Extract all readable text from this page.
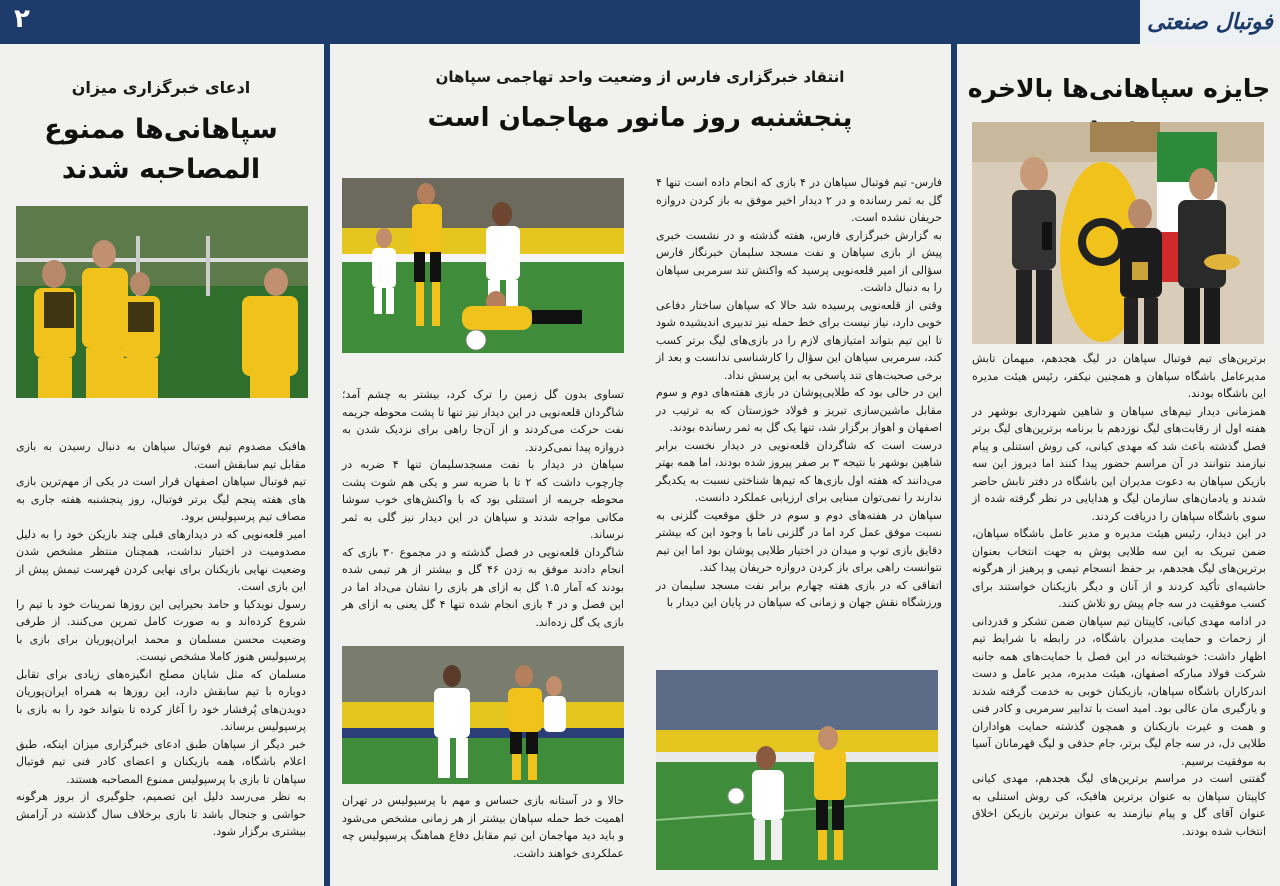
۲	فوتبال صنعتی
جایزه سپاهانی‌ها بالاخره

برترین‌های تیم فوتبال سپاهان در لیگ هجدهم، میهمان تابش مدیرعامل باشگاه سپاهان و همچنین نیکفر، رئیس هیئت مدیره این باشگاه بودند.

همزمانی دیدار تیم‌های سپاهان و شاهین شهرداری بوشهر در هفته اول از رقابت‌های لیگ نوزدهم با برنامه برترین‌های لیگ برتر فصل گذشته باعث شد که مهدی کیانی، کی روش استنلی و پیام نیازمند نتوانند در آن مراسم حضور پیدا کنند اما دیروز این سه بازیکن سپاهان به دعوت مدیران این باشگاه در دفتر تابش حاضر شدند و یادمان‌های سازمان لیگ و هدایایی در نظر گرفته شده از سوی باشگاه سپاهان را دریافت کردند.

در این دیدار، رئیس هیئت مدیره و مدیر عامل باشگاه سپاهان، ضمن تبریک به این سه طلایی پوش به جهت انتخاب بعنوان برترین‌های لیگ هجدهم، بر حفظ انسجام تیمی و پرهیز از هرگونه حاشیه‌ای تأکید کردند و از آنان و دیگر بازیکنان خواستند برای کسب موفقیت در سه جام پیش رو تلاش کنند.

در ادامه مهدی کیانی، کاپیتان تیم سپاهان ضمن تشکر و قدردانی از زحمات و حمایت مدیران باشگاه، در رابطه با شرایط تیم اظهار داشت: خوشبختانه در این فصل با حمایت‌های همه جانبه شرکت فولاد مبارکه اصفهان، هیئت مدیره، مدیر عامل و دست اندرکاران باشگاه سپاهان، بازیکنان خوبی به خدمت گرفته شدند و یارگیری مان عالی بود. امید است با تدابیر سرمربی و کادر فنی و همت و غیرت بازیکنان و همچون گذشته حمایت هواداران طلایی دل، در سه جام لیگ برتر، جام حذفی و لیگ قهرمانان آسیا به موفقیت برسیم.

گفتنی است در مراسم برترین‌های لیگ هجدهم، مهدی کیانی کاپیتان سپاهان به عنوان برترین هافبک، کی روش استنلی به عنوان آقای گل و پیام نیازمند به عنوان برترین بازیکن اخلاق انتخاب شده بودند.

انتقاد خبرگزاری فارس از وضعیت واحد تهاجمی سپاهان
پنجشنبه روز مانور مهاجمان است

فارس- تیم فوتبال سپاهان در ۴ بازی که انجام داده است تنها ۴ گل به ثمر رسانده و در ۲ دیدار اخیر موفق به باز کردن دروازه حریفان نشده است.

به گزارش خبرگزاری فارس، هفته گذشته و در نشست خبری پیش از بازی سپاهان و نفت مسجد سلیمان خبرنگار فارس سؤالی از امیر قلعه‌نویی پرسید که واکنش تند سرمربی سپاهان را به دنبال داشت.

وقتی از قلعه‌نویی پرسیده شد حالا که سپاهان ساختار دفاعی خوبی دارد، نیاز نیست برای خط حمله نیز تدبیری اندیشیده شود تا این تیم بتواند امتیازهای لازم را در بازی‌های لیگ برتر کسب کند، سرمربی سپاهان این سؤال را کارشناسی ندانست و بعد از برخی صحبت‌های تند پاسخی به این پرسش نداد.

این در حالی بود که طلایی‌پوشان در بازی هفته‌های دوم و سوم مقابل ماشین‌سازی تبریز و فولاد خوزستان که به ترتیب در اصفهان و اهواز برگزار شد، تنها یک گل به ثمر رسانده بودند.

درست است که شاگردان قلعه‌نویی در دیدار نخست برابر شاهین بوشهر با نتیجه ۳ بر صفر پیروز شده بودند، اما همه بهتر می‌دانند که هفته اول بازی‌ها که تیم‌ها شناختی نسبت به یکدیگر ندارند را نمی‌توان مبنایی برای ارزیابی عملکرد دانست.

سپاهان در هفته‌های دوم و سوم در خلق موقعیت گلزنی به نسبت موفق عمل کرد اما در گلزنی ناما با وجود این که بیشتر دقایق بازی توپ و میدان در اختیار طلایی پوشان بود اما این تیم نتوانست راهی برای باز کردن دروازه حریفان پیدا کند.

اتفاقی که در بازی هفته چهارم برابر نفت مسجد سلیمان در ورزشگاه نقش جهان و زمانی که سپاهان در پایان این دیدار با

تساوی بدون گل زمین را ترک کرد، بیشتر به چشم آمد؛ شاگردان قلعه‌نویی در این دیدار نیز تنها تا پشت محوطه جریمه نفت حرکت می‌کردند و از آن‌جا راهی برای نزدیک شدن به دروازه پیدا نمی‌کردند.

سپاهان در دیدار با نفت مسجدسلیمان تنها ۴ ضربه در چارچوب داشت که ۲ تا با ضربه سر و یکی هم شوت پشت محوطه جریمه از استنلی بود که با واکنش‌های خوب سوشا مکانی مواجه شدند و سپاهان در این دیدار نیز گلی به ثمر نرساند.

شاگردان قلعه‌نویی در فصل گذشته و در مجموع ۳۰ بازی که انجام دادند موفق به زدن ۴۶ گل و بیشتر از هر تیمی شده بودند که آمار ۱.۵ گل به ازای هر بازی را نشان می‌داد اما در این فصل و در ۴ بازی انجام شده تنها ۴ گل یعنی به ازای هر بازی یک گل زده‌اند.

حالا و در آستانه بازی حساس و مهم با پرسپولیس در تهران اهمیت خط حمله سپاهان بیشتر از هر زمانی مشخص می‌شود و باید دید مهاجمان این تیم مقابل دفاع هماهنگ پرسپولیس چه عملکردی خواهند داشت.

ادعای خبرگزاری میزان
سپاهانی‌ها ممنوع المصاحبه شدند

هافبک مصدوم تیم فوتبال سپاهان به دنبال رسیدن به بازی مقابل تیم سابقش است.

تیم فوتبال سپاهان اصفهان قرار است در یکی از مهم‌ترین بازی های هفته پنجم لیگ برتر فوتبال، روز پنجشنبه هفته جاری به مصاف تیم پرسپولیس برود.

امیر قلعه‌نویی که در دیدارهای قبلی چند بازیکن خود را به دلیل مصدومیت در اختیار نداشت، همچنان منتظر مشخص شدن وضعیت نهایی بازیکنان برای نهایی کردن فهرست تیمش پیش از این بازی است.

رسول نویدکیا و حامد بحیرایی این روزها تمرینات خود با تیم را شروع کرده‌اند و به صورت کامل تمرین می‌کنند. از طرفی وضعیت محسن مسلمان و محمد ایران‌پوریان برای بازی با پرسپولیس هنوز کاملا مشخص نیست.

مسلمان که مثل شایان مصلح انگیزه‌های زیادی برای تقابل دوباره با تیم سابقش دارد، این روزها به همراه ایران‌پوریان دویدن‌های پُرفشار خود را آغاز کرده تا بتواند خود را به بازی با پرسپولیس برساند.

خبر دیگر از سپاهان طبق ادعای خبرگزاری میزان اینکه، طبق اعلام باشگاه، همه بازیکنان و اعضای کادر فنی تیم فوتبال سپاهان تا بازی با پرسپولیس ممنوع المصاحبه هستند.

به نظر می‌رسد دلیل این تصمیم، جلوگیری از بروز هرگونه حواشی و جنجال باشد تا بازی برخلاف سال گذشته در آرامش بیشتری برگزار شود.
